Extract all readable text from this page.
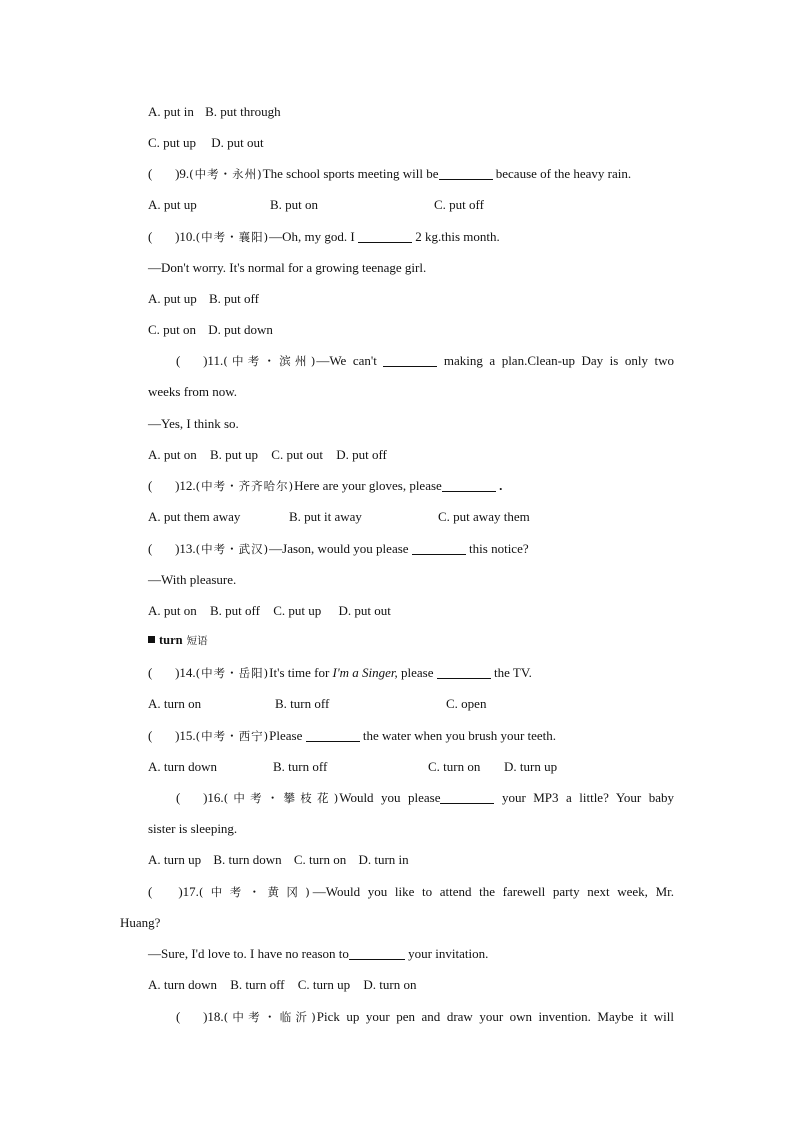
A. put in B. put through
C. put up D. put out
(       )9.(中考・永州)The school sports meeting will be	because of the heavy rain.
A. put up	B. put on	C. put off
(       )10.(中考・襄阳)—Oh, my god. I	2 kg.this month.
—Don't worry. It's normal for a growing teenage girl.
A. put up B. put off
C. put on D. put down
(       )11.(中考・滨州)—We can't	making a plan.Clean-up Day is only two
weeks from now.
—Yes, I think so.
A. put on B. put up C. put out D. put off
(       )12.(中考・齐齐哈尔)Here are your gloves, please	.
A. put them away	B. put it away	C. put away them
(       )13.(中考・武汉)—Jason, would you please	this notice?
—With pleasure.
A. put on B. put off C. put up D. put out
turn 短语
(       )14.(中考・岳阳)It's time for I'm a Singer, please	the TV.
A. turn on	B. turn off	C. open
(       )15.(中考・西宁)Please	the water when you brush your teeth.
A. turn down	B. turn off	C. turn on D. turn up
(       )16.(中考・攀枝花)Would you please	your MP3 a little? Your baby
sister is sleeping.
A. turn up B. turn down C. turn on D. turn in
(        )17.(中考・黄冈)—Would you like to attend the farewell party next week, Mr.
Huang?
—Sure, I'd love to. I have no reason to	your invitation.
A. turn down B. turn off C. turn up D. turn on
(       )18.(中考・临沂)Pick up your pen and draw your own invention. Maybe it will
